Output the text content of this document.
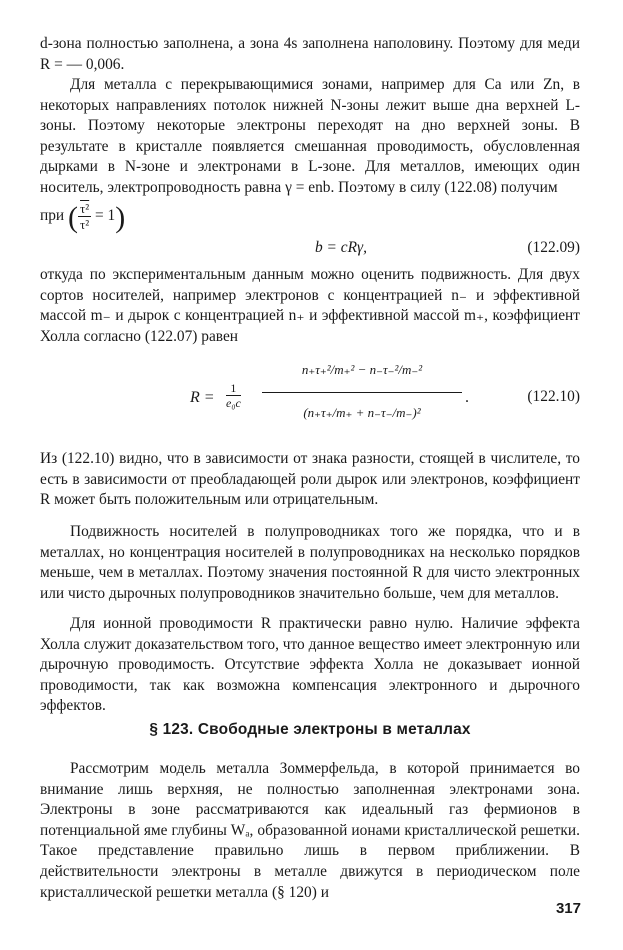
d-зона полностью заполнена, а зона 4s заполнена наполовину. Поэтому для меди R = — 0,006.
Для металла с перекрывающимися зонами, например для Ca или Zn, в некоторых направлениях потолок нижней N-зоны лежит выше дна верхней L-зоны. Поэтому некоторые электроны переходят на дно верхней зоны. В результате в кристалле появляется смешанная проводимость, обусловленная дырками в N-зоне и электронами в L-зоне. Для металлов, имеющих один носитель, электропроводность равна γ = enb. Поэтому в силу (122.08) получим
при ( $\frac{\text{τ²}}{\text{τ²}} = 1$)
b = cRγ,	(122.09)
откуда по экспериментальным данным можно оценить подвижность. Для двух сортов носителей, например электронов с концентрацией n₋ и эффективной массой m₋ и дырок с концентрацией n₊ и эффективной массой m₊, коэффициент Холла согласно (122.07) равен
$R = \frac{1}{\text{e₀c}} \frac{\text{n₊τ₊²/m₊² − n₋τ₋²/m₋²}}{\text{(n₊τ₊/m₊ + n₋τ₋/m₋)²}}$ .	(122.10)
Из (122.10) видно, что в зависимости от знака разности, стоящей в числителе, то есть в зависимости от преобладающей роли дырок или электронов, коэффициент R может быть положительным или отрицательным.
Подвижность носителей в полупроводниках того же порядка, что и в металлах, но концентрация носителей в полупроводниках на несколько порядков меньше, чем в металлах. Поэтому значения постоянной R для чисто электронных или чисто дырочных полупроводников значительно больше, чем для металлов.
Для ионной проводимости R практически равно нулю. Наличие эффекта Холла служит доказательством того, что данное вещество имеет электронную или дырочную проводимость. Отсутствие эффекта Холла не доказывает ионной проводимости, так как возможна компенсация электронного и дырочного эффектов.
§ 123. Свободные электроны в металлах
Рассмотрим модель металла Зоммерфельда, в которой принимается во внимание лишь верхняя, не полностью заполненная электронами зона. Электроны в зоне рассматриваются как идеальный газ фермионов в потенциальной яме глубины Wₐ, образованной ионами кристаллической решетки. Такое представление правильно лишь в первом приближении. В действительности электроны в металле движутся в периодическом поле кристаллической решетки металла (§ 120) и
317
